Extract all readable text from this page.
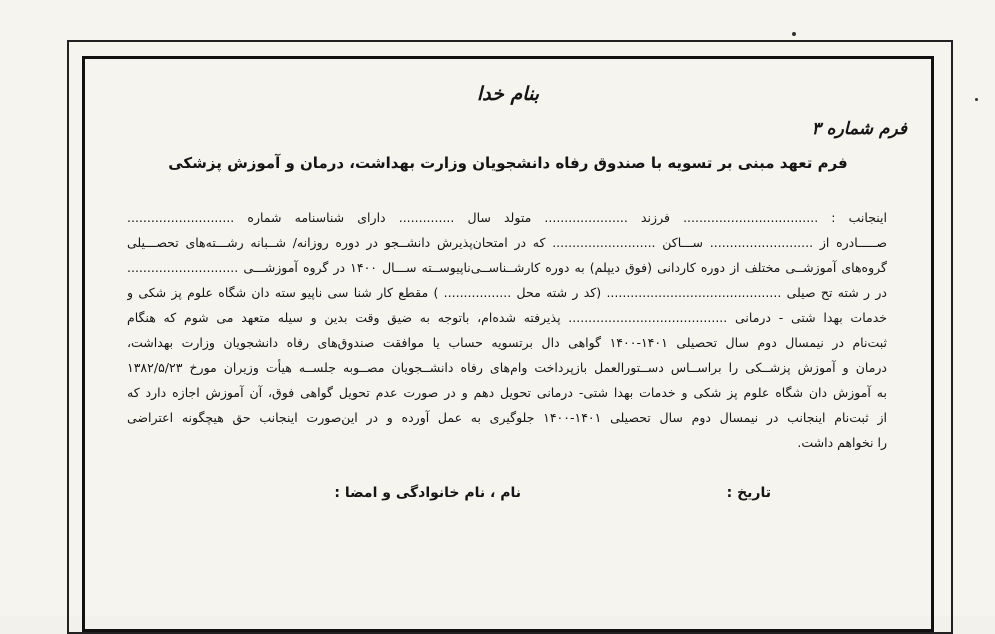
بنام خدا
فرم شماره ۳
فرم تعهد مبنی بر تسویه با صندوق رفاه دانشجویان وزارت بهداشت، درمان و آموزش پزشکی
اینجانب : .................................. فرزند ..................... متولد سال .............. دارای شناسنامه شماره ...........................
صـــــادره از .......................... ســـاکن .......................... که در امتحان‌پذیرش دانشــجو در دوره روزانه/ شــبانه رشـــته‌های تحصـــیلی
گروه‌های آموزشــی مختلف از دوره کاردانی (فوق دیپلم) به دوره کارشــناســی‌ناپیوســته ســـال ۱۴۰۰ در گروه آموزشـــی ............................
در ر شته تح صیلی ............................................ (کد ر شته محل ................. ) مقطع کار شنا سی ناپیو سته دان شگاه علوم پز شکی و
خدمات بهدا شتی - درمانی ........................................ پذیرفته شده‌ام، باتوجه به ضیق وقت بدین و سیله متعهد می شوم که هنگام
ثبت‌نام در نیمسال دوم سال تحصیلی ۱۴۰۱-۱۴۰۰ گواهی دال برتسویه حساب یا موافقت صندوق‌های رفاه دانشجویان وزارت بهداشت،
درمان و آموزش پزشــکی را براســاس دســتورالعمل بازپرداخت وام‌های رفاه دانشــجویان مصــوبه جلســه هیأت وزیران مورخ ۱۳۸۲/۵/۲۳
به آموزش دان شگاه علوم پز شکی و خدمات بهدا شتی- درمانی تحویل دهم و در صورت عدم تحویل گواهی فوق، آن آموزش اجازه دارد که
از ثبت‌نام اینجانب در نیمسال دوم سال تحصیلی ۱۴۰۱-۱۴۰۰ جلوگیری به عمل آورده و در این‌صورت اینجانب حق هیچگونه اعتراضی
را نخواهم داشت.
تاریخ :
نام ، نام خانوادگی و امضا :
